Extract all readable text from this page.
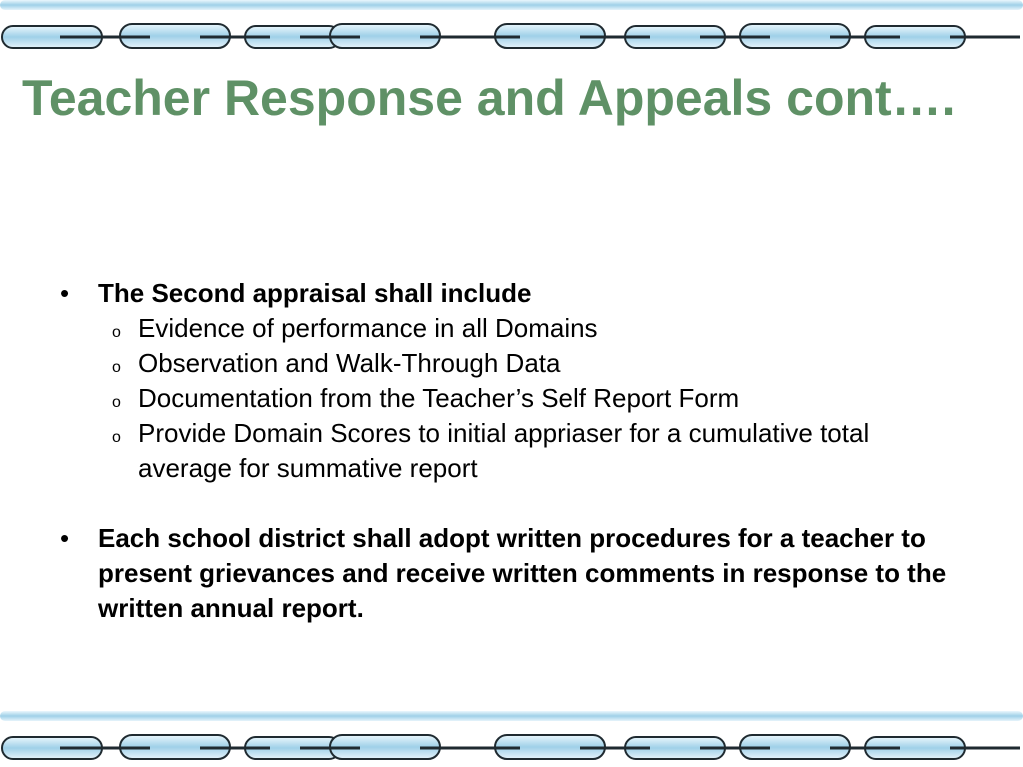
Teacher Response and Appeals cont….
• The Second appraisal shall include
o Evidence of performance in all Domains
o Observation and Walk-Through Data
o Documentation from the Teacher’s Self Report Form
o Provide Domain Scores to initial appriaser for a cumulative total average for summative report
• Each school district shall adopt written procedures for a teacher to present grievances and receive written comments in response to the written annual report.
